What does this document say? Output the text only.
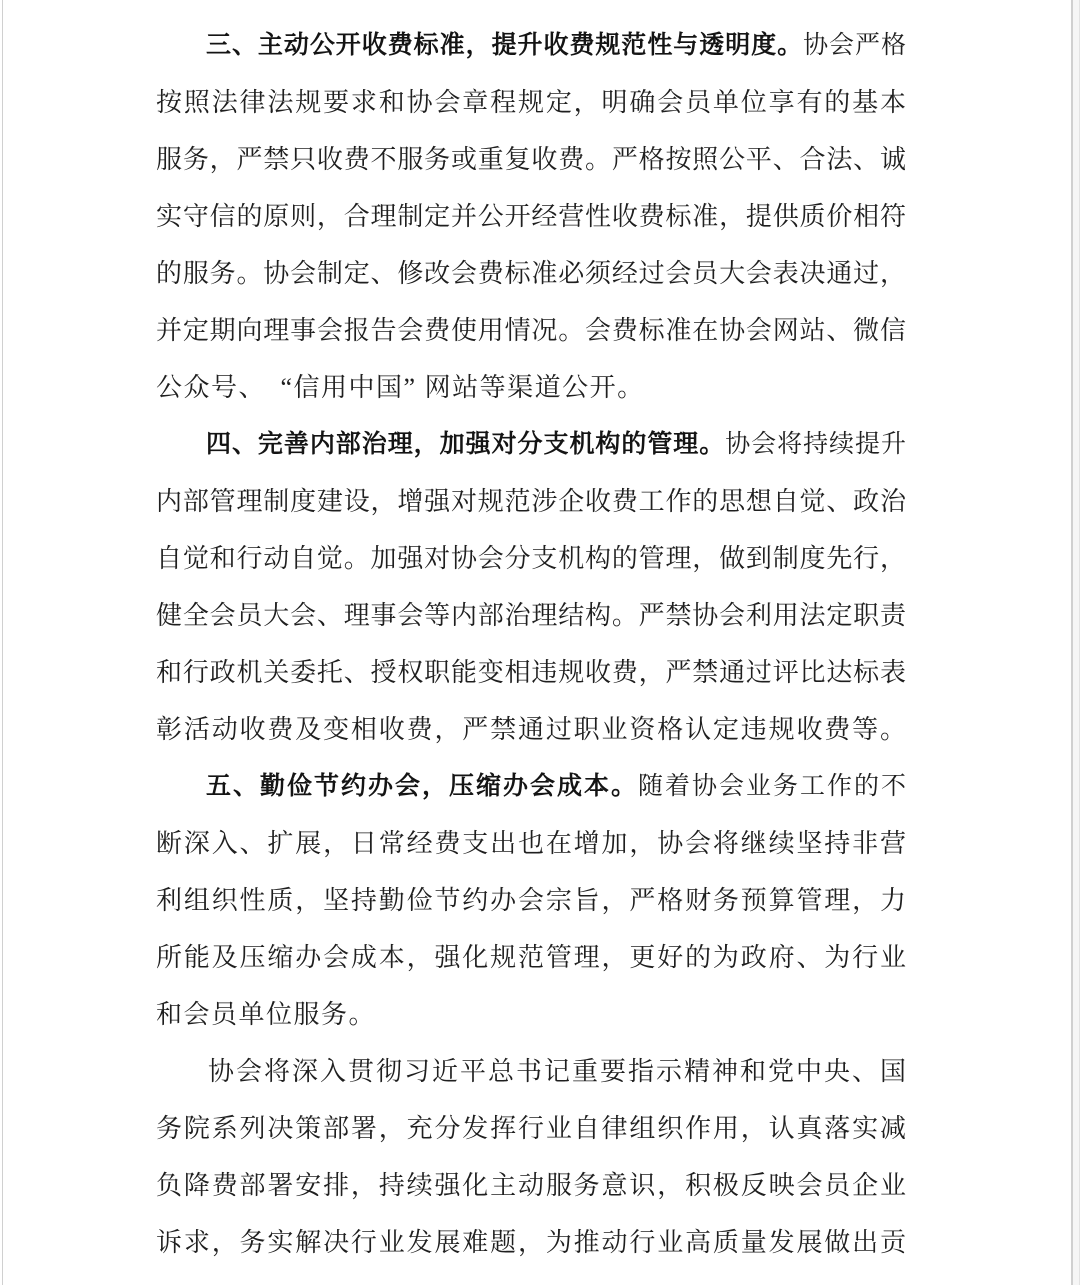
三、主动公开收费标准，提升收费规范性与透明度。协会严格
按照法律法规要求和协会章程规定，明确会员单位享有的基本
服务，严禁只收费不服务或重复收费。严格按照公平、合法、诚
实守信的原则，合理制定并公开经营性收费标准，提供质价相符
的服务。协会制定、修改会费标准必须经过会员大会表决通过，
并定期向理事会报告会费使用情况。会费标准在协会网站、微信
公众号、　“信用中国” 网站等渠道公开。
四、完善内部治理，加强对分支机构的管理。协会将持续提升
内部管理制度建设，增强对规范涉企收费工作的思想自觉、政治
自觉和行动自觉。加强对协会分支机构的管理，做到制度先行，
健全会员大会、理事会等内部治理结构。严禁协会利用法定职责
和行政机关委托、授权职能变相违规收费，严禁通过评比达标表
彰活动收费及变相收费，严禁通过职业资格认定违规收费等。
五、勤俭节约办会，压缩办会成本。随着协会业务工作的不
断深入、扩展，日常经费支出也在增加，协会将继续坚持非营
利组织性质，坚持勤俭节约办会宗旨，严格财务预算管理，力
所能及压缩办会成本，强化规范管理，更好的为政府、为行业
和会员单位服务。
协会将深入贯彻习近平总书记重要指示精神和党中央、国
务院系列决策部署，充分发挥行业自律组织作用，认真落实减
负降费部署安排，持续强化主动服务意识，积极反映会员企业
诉求，务实解决行业发展难题，为推动行业高质量发展做出贡
